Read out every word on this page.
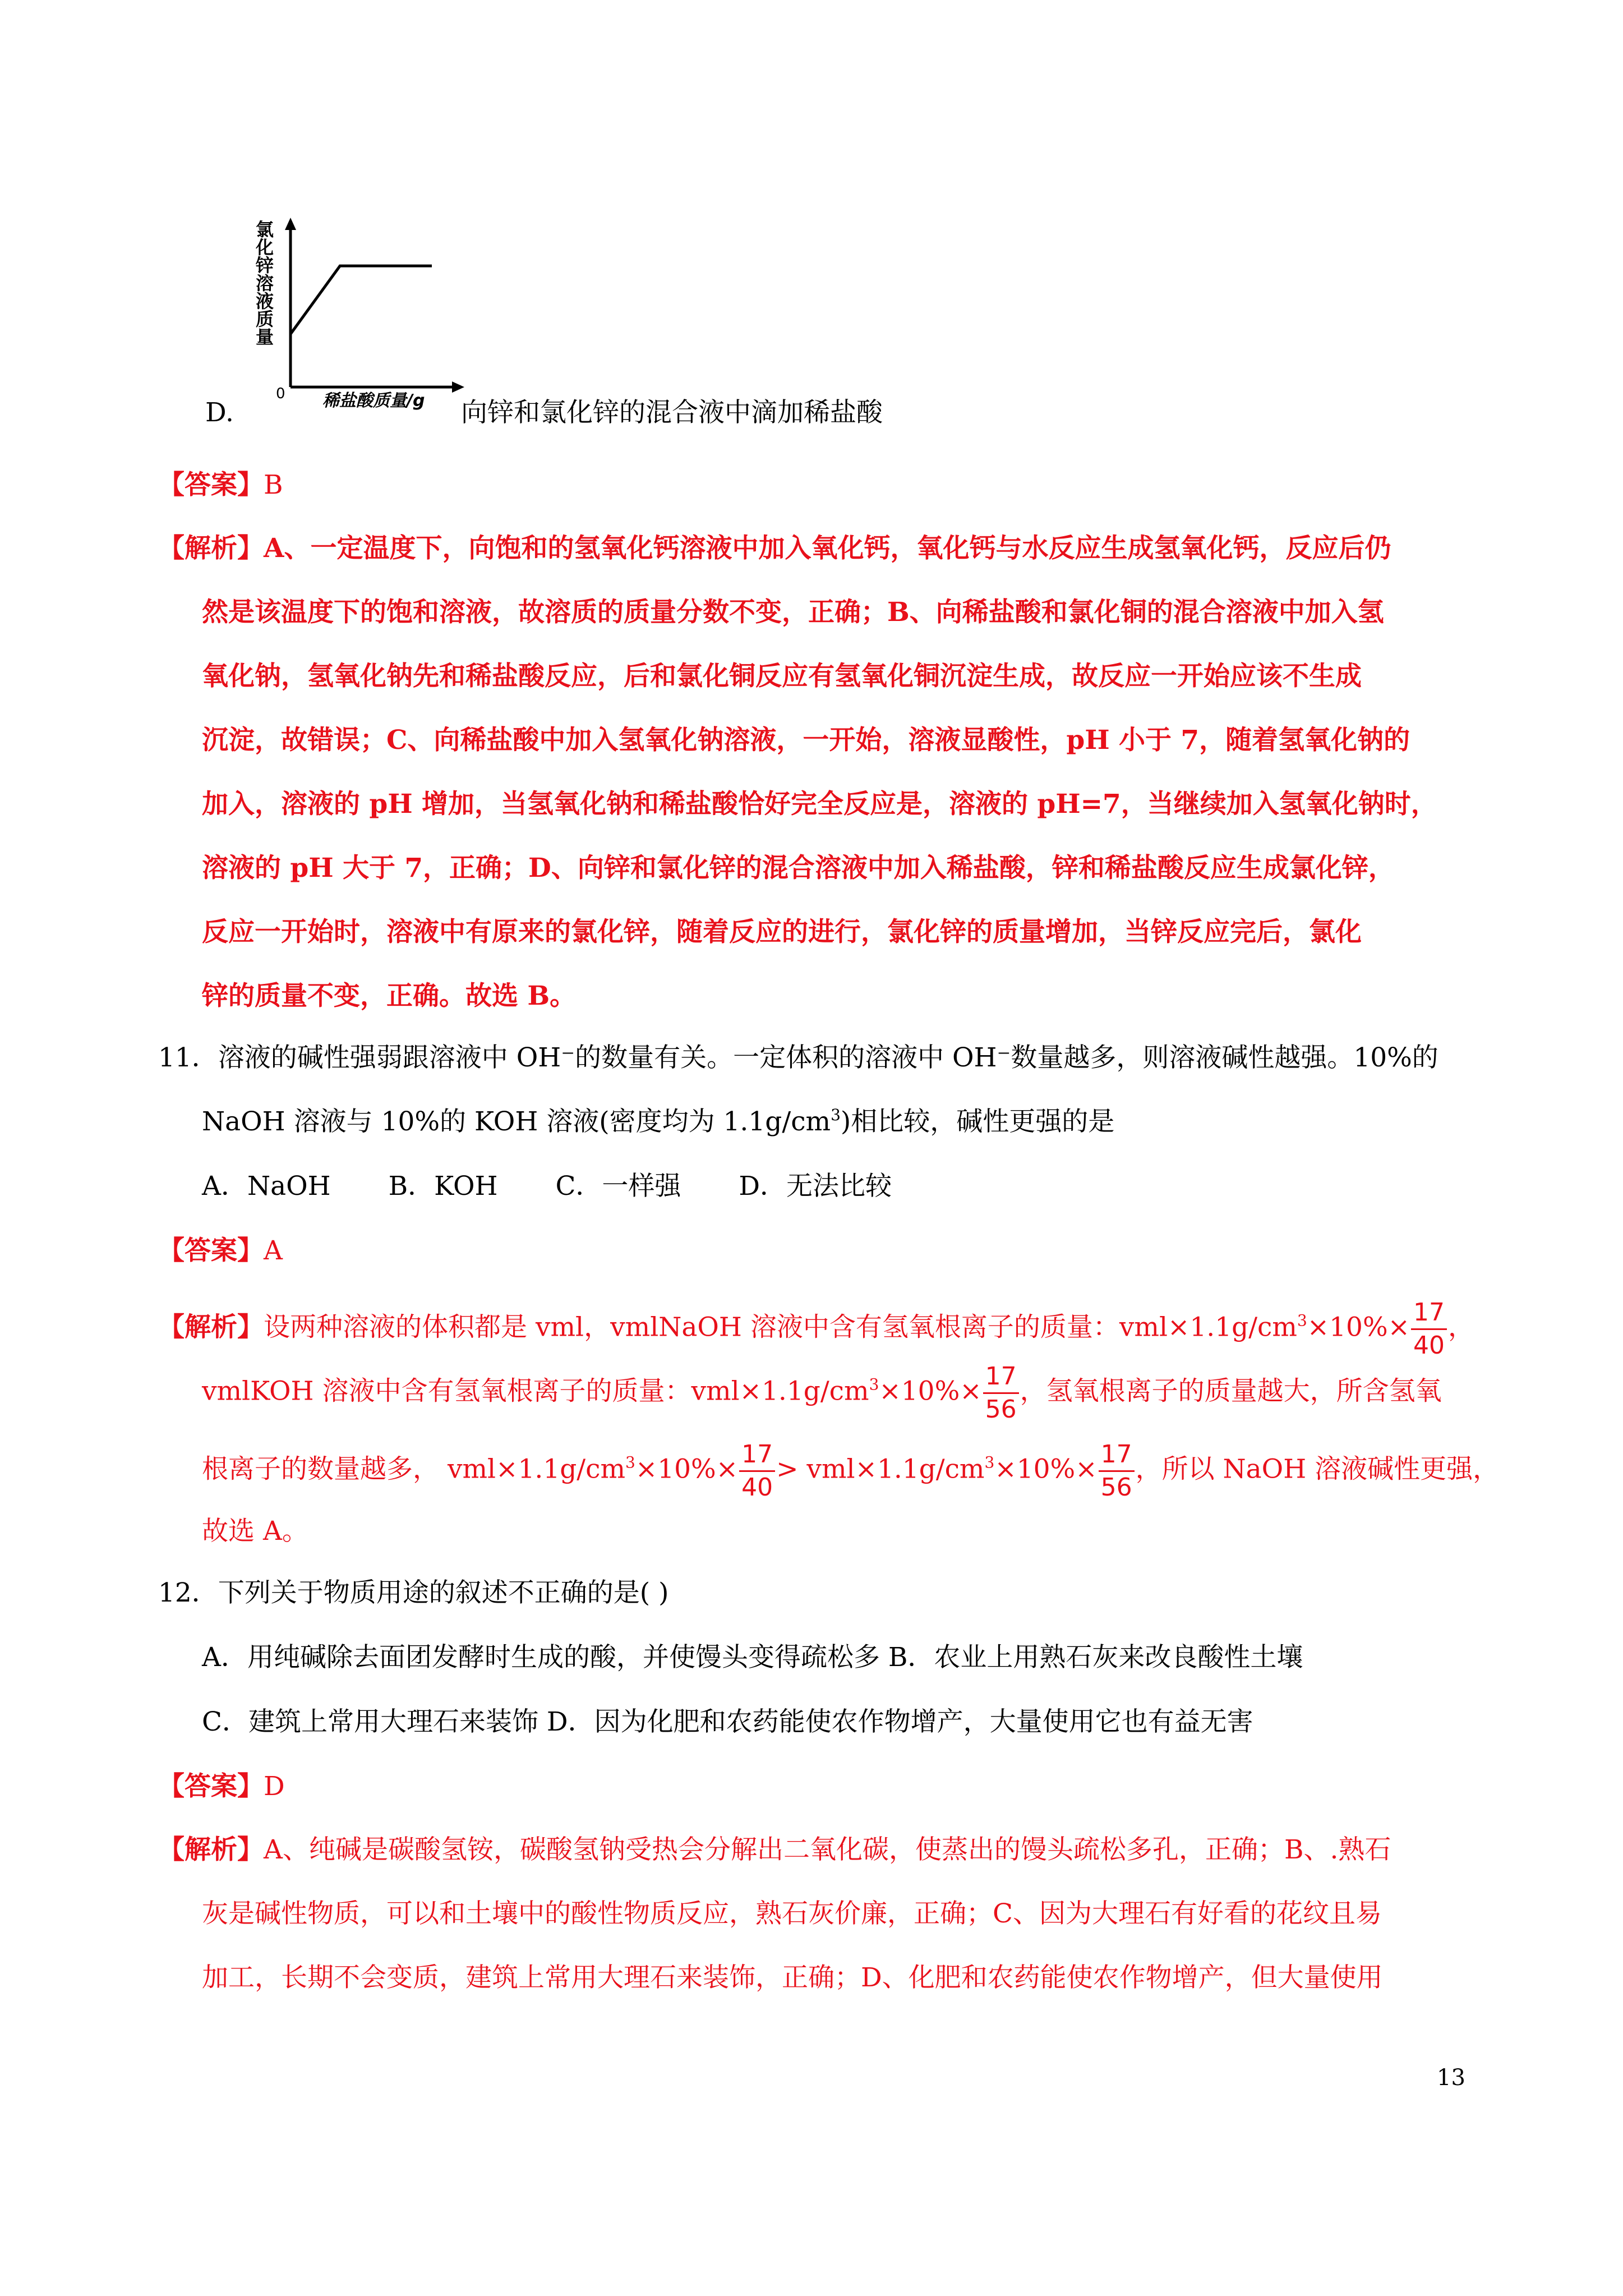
0
氯化锌溶液质量
稀盐酸质量/g
D.	向锌和氯化锌的混合液中滴加稀盐酸
【答案】B
【解析】A、一定温度下，向饱和的氢氧化钙溶液中加入氧化钙，氧化钙与水反应生成氢氧化钙，反应后仍
然是该温度下的饱和溶液，故溶质的质量分数不变，正确；B、向稀盐酸和氯化铜的混合溶液中加入氢
氧化钠，氢氧化钠先和稀盐酸反应，后和氯化铜反应有氢氧化铜沉淀生成，故反应一开始应该不生成
沉淀，故错误；C、向稀盐酸中加入氢氧化钠溶液，一开始，溶液显酸性，pH 小于 7，随着氢氧化钠的
加入，溶液的 pH 增加，当氢氧化钠和稀盐酸恰好完全反应是，溶液的 pH=7，当继续加入氢氧化钠时，
溶液的 pH 大于 7，正确；D、向锌和氯化锌的混合溶液中加入稀盐酸，锌和稀盐酸反应生成氯化锌，
反应一开始时，溶液中有原来的氯化锌，随着反应的进行，氯化锌的质量增加，当锌反应完后，氯化
锌的质量不变，正确。故选 B。
11．溶液的碱性强弱跟溶液中 OH⁻的数量有关。一定体积的溶液中 OH⁻数量越多，则溶液碱性越强。10%的
NaOH 溶液与 10%的 KOH 溶液(密度均为 $1.1g/cm^3$)相比较，碱性更强的是
A．NaOH B．KOH C．一样强 D．无法比较
【答案】A
【解析】设两种溶液的体积都是 vml，vmlNaOH 溶液中含有氢氧根离子的质量：$vml\times 1.1g/cm^3\times 10\%\times \frac{17}{40}$ ，
vmlKOH 溶液中含有氢氧根离子的质量：$vml\times 1.1g/cm^3\times 10\%\times \frac{17}{56}$ ，氢氧根离子的质量越大，所含氢氧
根离子的数量越多， $vml\times 1.1g/cm^3\times 10\%\times \frac{17}{40} > vml\times 1.1g/cm^3\times 10\%\times \frac{17}{56}$ ，所以 NaOH 溶液碱性更强，
故选 A。
12．下列关于物质用途的叙述不正确的是( )
A．用纯碱除去面团发酵时生成的酸，并使馒头变得疏松多 B．农业上用熟石灰来改良酸性土壤
C．建筑上常用大理石来装饰 D．因为化肥和农药能使农作物增产，大量使用它也有益无害
【答案】D
【解析】A、纯碱是碳酸氢铵，碳酸氢钠受热会分解出二氧化碳，使蒸出的馒头疏松多孔，正确；B、.熟石
灰是碱性物质，可以和土壤中的酸性物质反应，熟石灰价廉，正确；C、因为大理石有好看的花纹且易
加工，长期不会变质，建筑上常用大理石来装饰，正确；D、化肥和农药能使农作物增产，但大量使用
13
